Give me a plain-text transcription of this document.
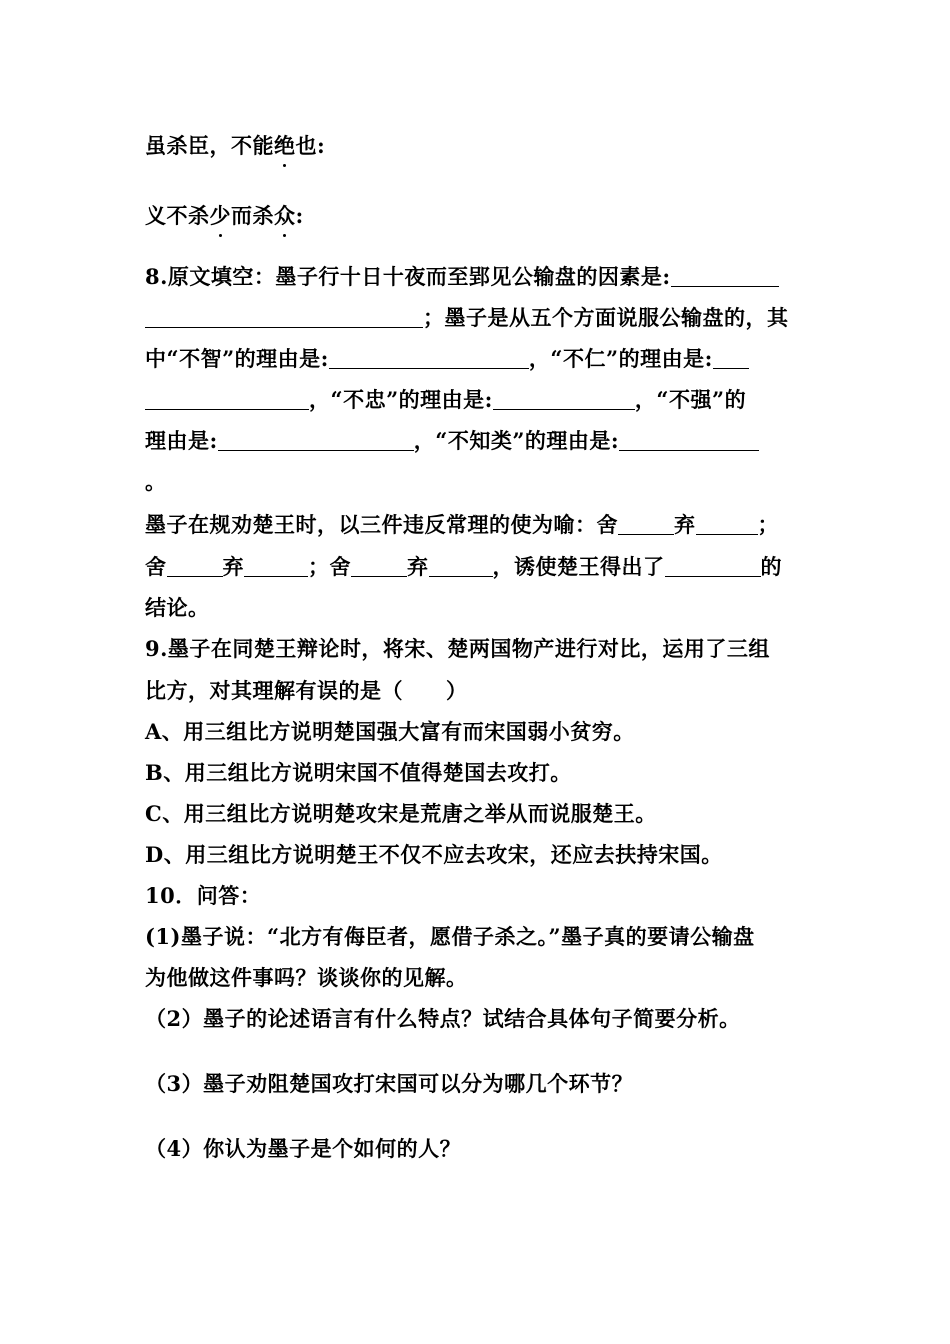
虽杀臣，不能绝也:
义不杀少而杀众:
8.原文填空：墨子行十日十夜而至郢见公输盘的因素是:
；墨子是从五个方面说服公输盘的，其
中“不智”的理由是:	，“不仁”的理由是:
，“不忠”的理由是:	，“不强”的
理由是:	，“不知类”的理由是:
。
墨子在规劝楚王时，以三件违反常理的使为喻：舍	弃	；
舍	弃	；舍	弃	，诱使楚王得出了	的
结论。
9.墨子在同楚王辩论时，将宋、楚两国物产进行对比，运用了三组
比方，对其理解有误的是（　　）
A、用三组比方说明楚国强大富有而宋国弱小贫穷。
B、用三组比方说明宋国不值得楚国去攻打。
C、用三组比方说明楚攻宋是荒唐之举从而说服楚王。
D、用三组比方说明楚王不仅不应去攻宋，还应去扶持宋国。
10．问答：
(1)墨子说：“北方有侮臣者，愿借子杀之。”墨子真的要请公输盘
为他做这件事吗？谈谈你的见解。
（2）墨子的论述语言有什么特点？试结合具体句子简要分析。
（3）墨子劝阻楚国攻打宋国可以分为哪几个环节？
（4）你认为墨子是个如何的人？
